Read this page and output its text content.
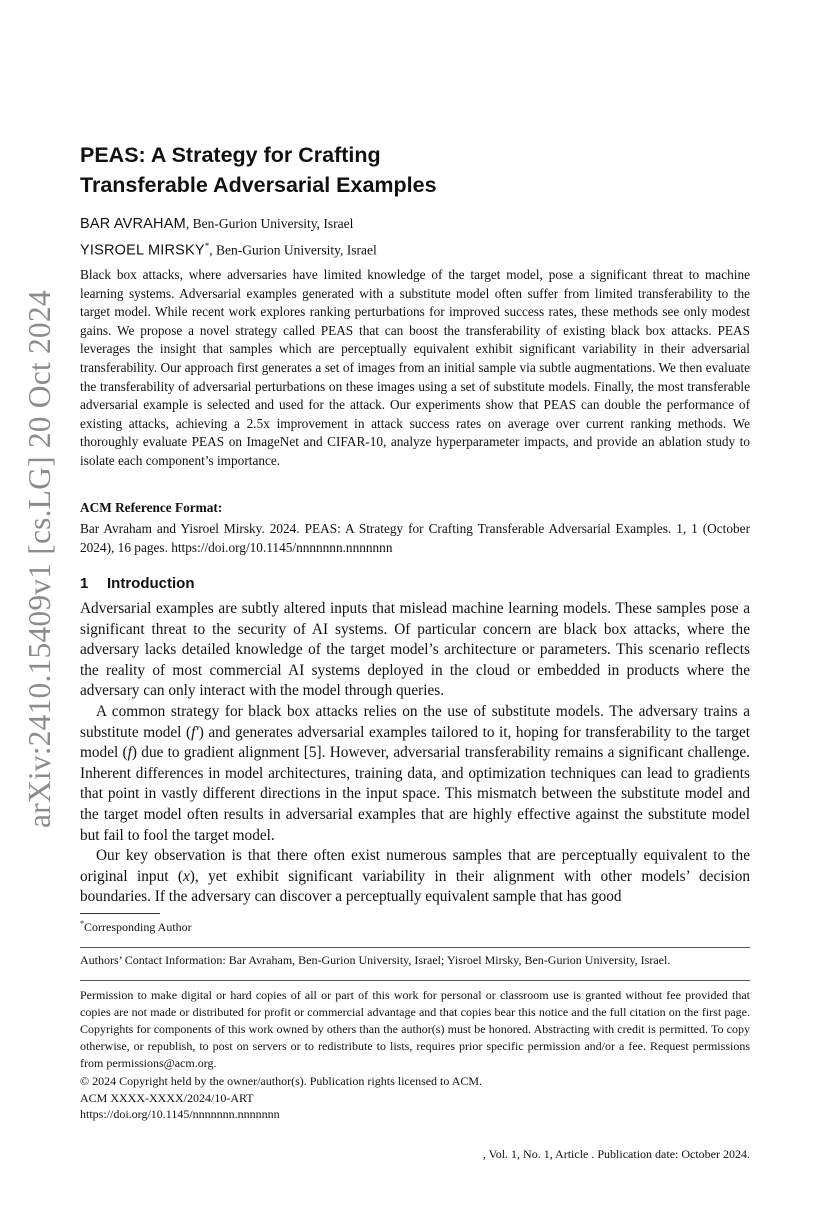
arXiv:2410.15409v1 [cs.LG] 20 Oct 2024
PEAS: A Strategy for Crafting
Transferable Adversarial Examples
BAR AVRAHAM, Ben-Gurion University, Israel
YISROEL MIRSKY*, Ben-Gurion University, Israel
Black box attacks, where adversaries have limited knowledge of the target model, pose a significant threat to machine learning systems. Adversarial examples generated with a substitute model often suffer from limited transferability to the target model. While recent work explores ranking perturbations for improved success rates, these methods see only modest gains. We propose a novel strategy called PEAS that can boost the transferability of existing black box attacks. PEAS leverages the insight that samples which are perceptually equivalent exhibit significant variability in their adversarial transferability. Our approach first generates a set of images from an initial sample via subtle augmentations. We then evaluate the transferability of adversarial perturbations on these images using a set of substitute models. Finally, the most transferable adversarial example is selected and used for the attack. Our experiments show that PEAS can double the performance of existing attacks, achieving a 2.5x improvement in attack success rates on average over current ranking methods. We thoroughly evaluate PEAS on ImageNet and CIFAR-10, analyze hyperparameter impacts, and provide an ablation study to isolate each component’s importance.
ACM Reference Format:
Bar Avraham and Yisroel Mirsky. 2024. PEAS: A Strategy for Crafting Transferable Adversarial Examples. 1, 1 (October 2024), 16 pages. https://doi.org/10.1145/nnnnnnn.nnnnnnn
1 Introduction

Adversarial examples are subtly altered inputs that mislead machine learning models. These samples pose a significant threat to the security of AI systems. Of particular concern are black box attacks, where the adversary lacks detailed knowledge of the target model’s architecture or parameters. This scenario reflects the reality of most commercial AI systems deployed in the cloud or embedded in products where the adversary can only interact with the model through queries.

A common strategy for black box attacks relies on the use of substitute models. The adversary trains a substitute model (f′) and generates adversarial examples tailored to it, hoping for transferability to the target model (f) due to gradient alignment [5]. However, adversarial transferability remains a significant challenge. Inherent differences in model architectures, training data, and optimization techniques can lead to gradients that point in vastly different directions in the input space. This mismatch between the substitute model and the target model often results in adversarial examples that are highly effective against the substitute model but fail to fool the target model.

Our key observation is that there often exist numerous samples that are perceptually equivalent to the original input (x), yet exhibit significant variability in their alignment with other models’ decision boundaries. If the adversary can discover a perceptually equivalent sample that has good

*Corresponding Author
Authors’ Contact Information: Bar Avraham, Ben-Gurion University, Israel; Yisroel Mirsky, Ben-Gurion University, Israel.
Permission to make digital or hard copies of all or part of this work for personal or classroom use is granted without fee provided that copies are not made or distributed for profit or commercial advantage and that copies bear this notice and the full citation on the first page. Copyrights for components of this work owned by others than the author(s) must be honored. Abstracting with credit is permitted. To copy otherwise, or republish, to post on servers or to redistribute to lists, requires prior specific permission and/or a fee. Request permissions from permissions@acm.org.
© 2024 Copyright held by the owner/author(s). Publication rights licensed to ACM.
ACM XXXX-XXXX/2024/10-ART
https://doi.org/10.1145/nnnnnnn.nnnnnnn
, Vol. 1, No. 1, Article . Publication date: October 2024.
